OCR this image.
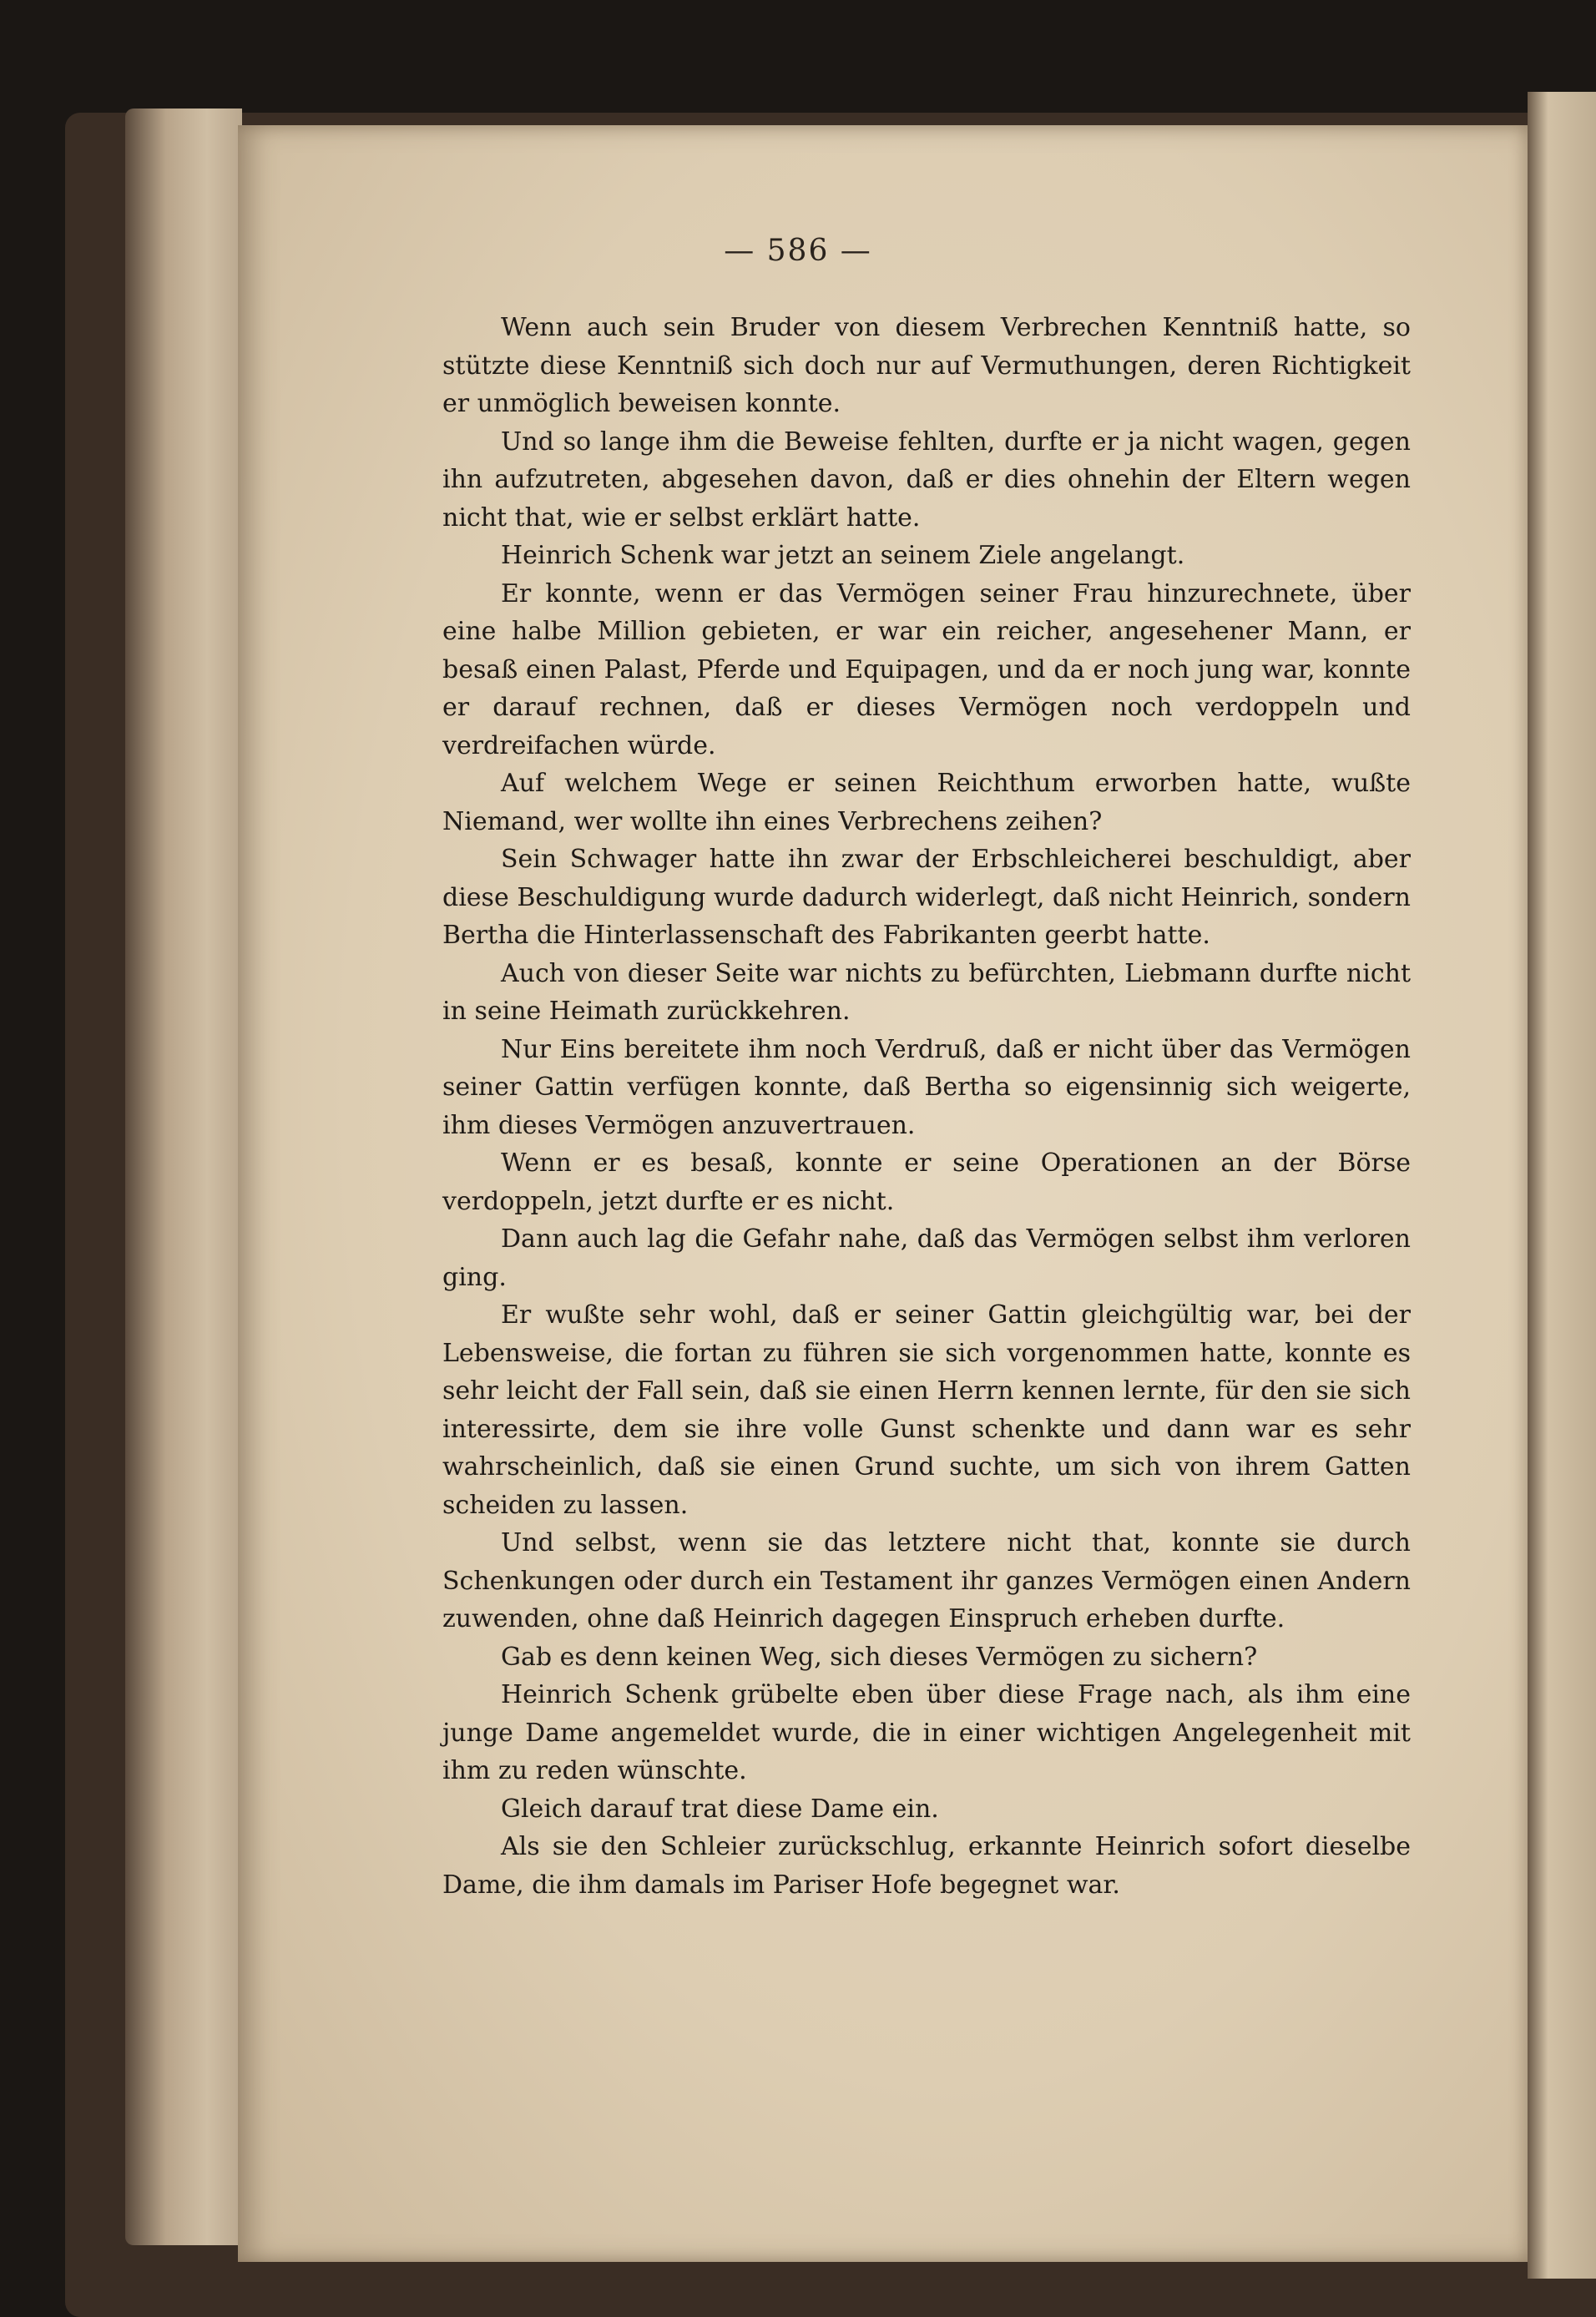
— 586 —

Wenn auch sein Bruder von diesem Verbrechen Kenntniß hatte, so stützte diese Kenntniß sich doch nur auf Vermuthungen, deren Richtigkeit er unmöglich beweisen konnte.

Und so lange ihm die Beweise fehlten, durfte er ja nicht wagen, gegen ihn aufzutreten, abgesehen davon, daß er dies ohnehin der Eltern wegen nicht that, wie er selbst erklärt hatte.

Heinrich Schenk war jetzt an seinem Ziele angelangt.

Er konnte, wenn er das Vermögen seiner Frau hinzurechnete, über eine halbe Million gebieten, er war ein reicher, angesehener Mann, er besaß einen Palast, Pferde und Equipagen, und da er noch jung war, konnte er darauf rechnen, daß er dieses Vermögen noch verdoppeln und verdreifachen würde.

Auf welchem Wege er seinen Reichthum erworben hatte, wußte Niemand, wer wollte ihn eines Verbrechens zeihen?

Sein Schwager hatte ihn zwar der Erbschleicherei beschuldigt, aber diese Beschuldigung wurde dadurch widerlegt, daß nicht Heinrich, sondern Bertha die Hinterlassenschaft des Fabrikanten geerbt hatte.

Auch von dieser Seite war nichts zu befürchten, Liebmann durfte nicht in seine Heimath zurückkehren.

Nur Eins bereitete ihm noch Verdruß, daß er nicht über das Vermögen seiner Gattin verfügen konnte, daß Bertha so eigensinnig sich weigerte, ihm dieses Vermögen anzuvertrauen.

Wenn er es besaß, konnte er seine Operationen an der Börse verdoppeln, jetzt durfte er es nicht.

Dann auch lag die Gefahr nahe, daß das Vermögen selbst ihm verloren ging.

Er wußte sehr wohl, daß er seiner Gattin gleichgültig war, bei der Lebensweise, die fortan zu führen sie sich vorgenommen hatte, konnte es sehr leicht der Fall sein, daß sie einen Herrn kennen lernte, für den sie sich interessirte, dem sie ihre volle Gunst schenkte und dann war es sehr wahrscheinlich, daß sie einen Grund suchte, um sich von ihrem Gatten scheiden zu lassen.

Und selbst, wenn sie das letztere nicht that, konnte sie durch Schenkungen oder durch ein Testament ihr ganzes Vermögen einen Andern zuwenden, ohne daß Heinrich dagegen Einspruch erheben durfte.

Gab es denn keinen Weg, sich dieses Vermögen zu sichern?

Heinrich Schenk grübelte eben über diese Frage nach, als ihm eine junge Dame angemeldet wurde, die in einer wichtigen Angelegenheit mit ihm zu reden wünschte.

Gleich darauf trat diese Dame ein.

Als sie den Schleier zurückschlug, erkannte Heinrich sofort dieselbe Dame, die ihm damals im Pariser Hofe begegnet war.
